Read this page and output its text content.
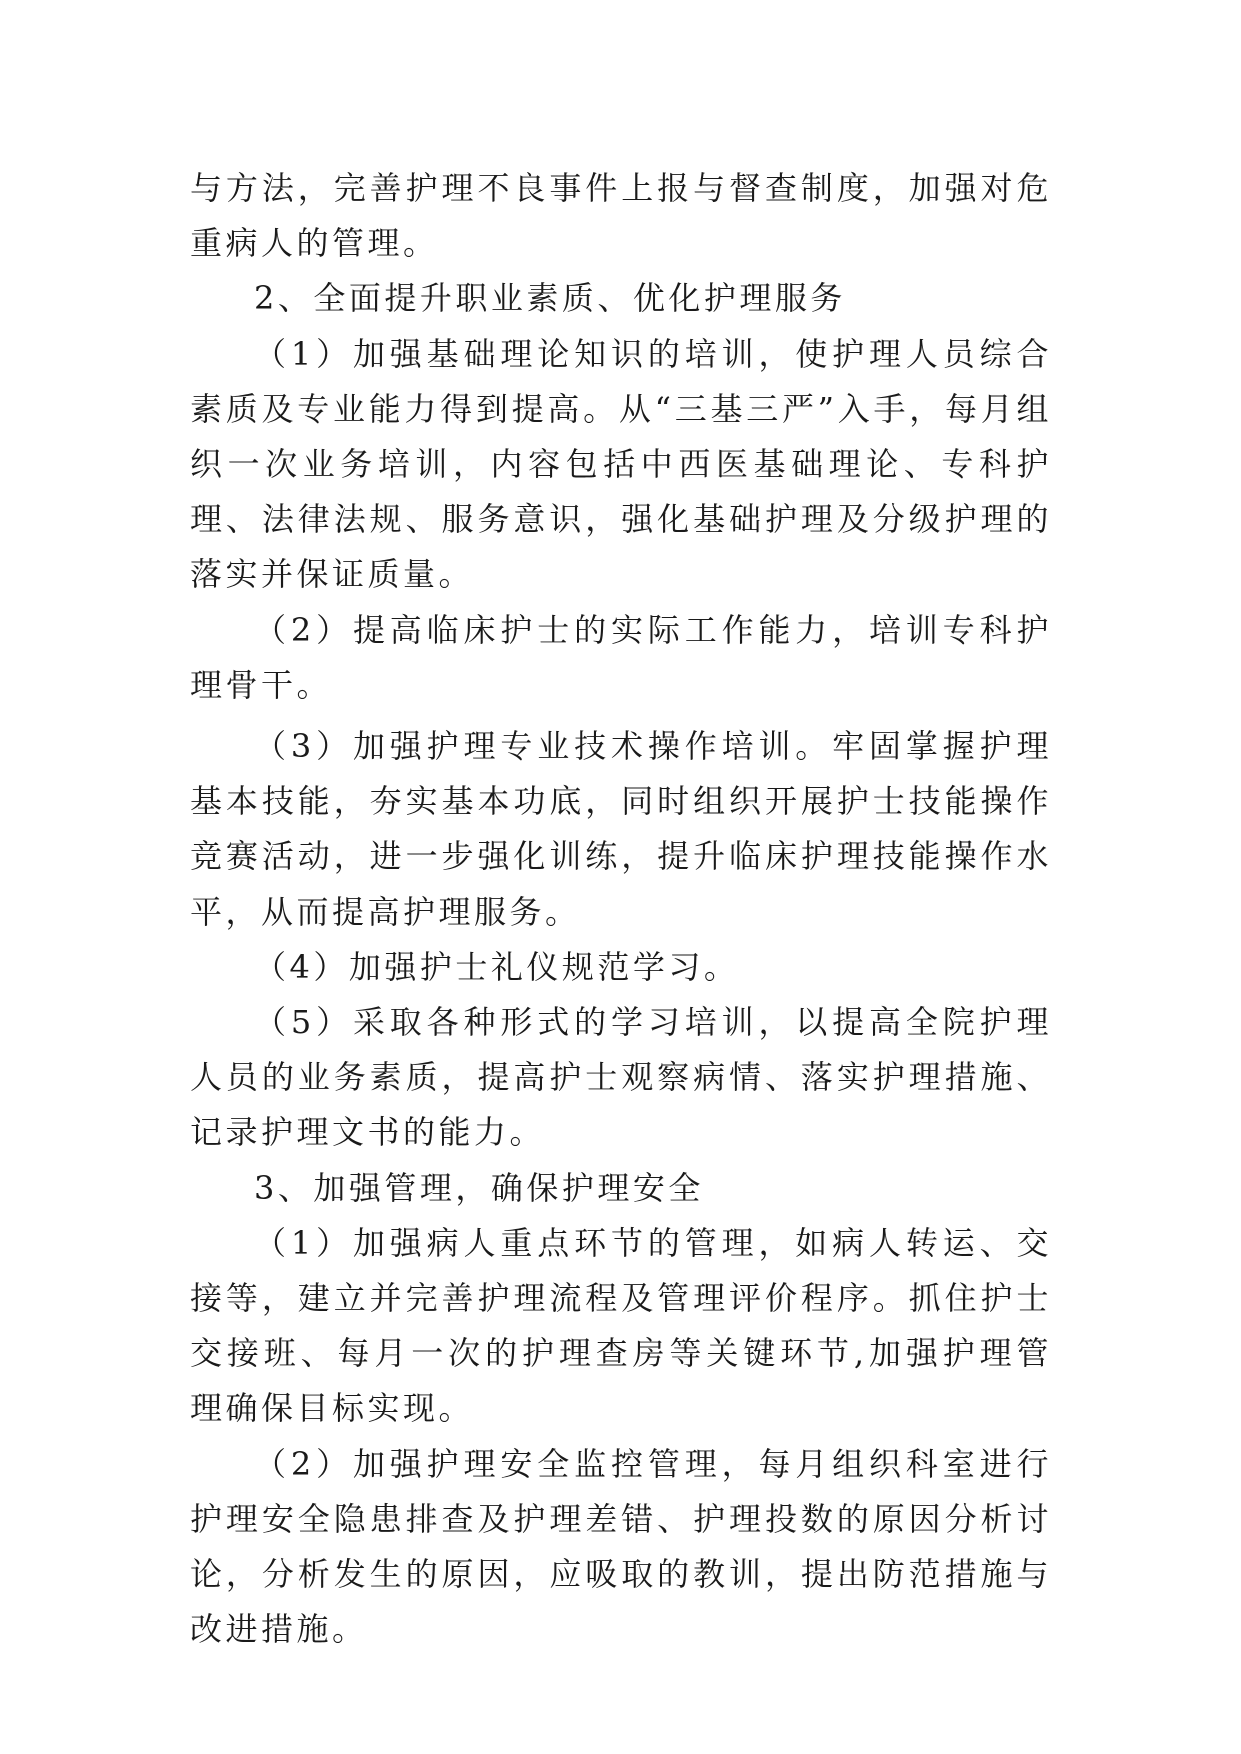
与方法，完善护理不良事件上报与督查制度，加强对危重病人的管理。

2、全面提升职业素质、优化护理服务

（1）加强基础理论知识的培训，使护理人员综合素质及专业能力得到提高。从“三基三严”入手，每月组织一次业务培训，内容包括中西医基础理论、专科护理、法律法规、服务意识，强化基础护理及分级护理的落实并保证质量。

（2）提高临床护士的实际工作能力，培训专科护理骨干。

（3）加强护理专业技术操作培训。牢固掌握护理基本技能，夯实基本功底，同时组织开展护士技能操作竞赛活动，进一步强化训练，提升临床护理技能操作水平，从而提高护理服务。

（4）加强护士礼仪规范学习。

（5）采取各种形式的学习培训，以提高全院护理人员的业务素质，提高护士观察病情、落实护理措施、记录护理文书的能力。

3、加强管理，确保护理安全

（1）加强病人重点环节的管理，如病人转运、交接等，建立并完善护理流程及管理评价程序。抓住护士交接班、每月一次的护理查房等关键环节,加强护理管理确保目标实现。

（2）加强护理安全监控管理，每月组织科室进行护理安全隐患排查及护理差错、护理投数的原因分析讨论，分析发生的原因，应吸取的教训，提出防范措施与改进措施。
